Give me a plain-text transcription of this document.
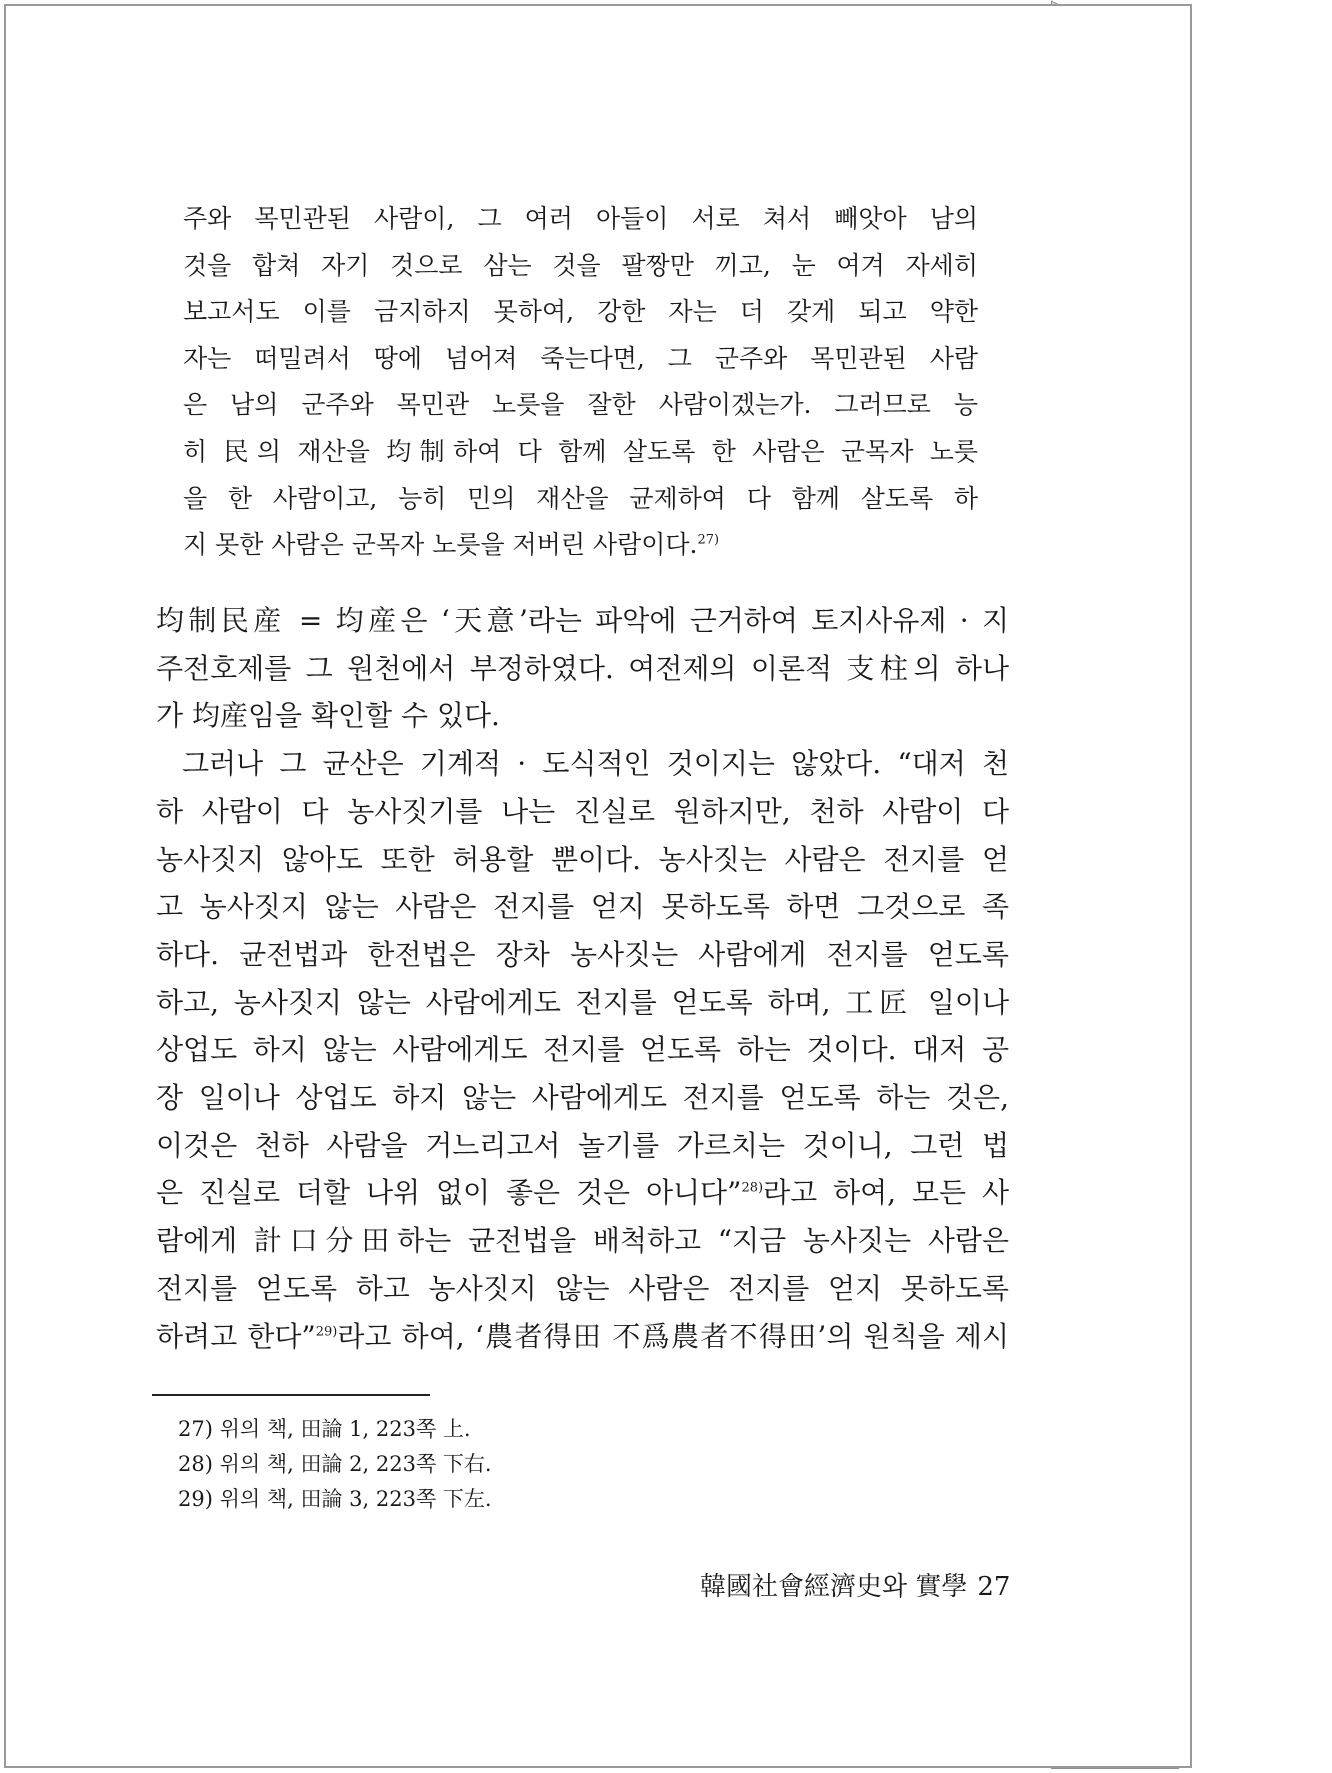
주와 목민관된 사람이, 그 여러 아들이 서로 쳐서 빼앗아 남의
것을 합쳐 자기 것으로 삼는 것을 팔짱만 끼고, 눈 여겨 자세히
보고서도 이를 금지하지 못하여, 강한 자는 더 갖게 되고 약한
자는 떠밀려서 땅에 넘어져 죽는다면, 그 군주와 목민관된 사람
은 남의 군주와 목민관 노릇을 잘한 사람이겠는가. 그러므로 능
히 民의 재산을 均制하여 다 함께 살도록 한 사람은 군목자 노릇
을 한 사람이고, 능히 민의 재산을 균제하여 다 함께 살도록 하
지 못한 사람은 군목자 노릇을 저버린 사람이다.$^{27)}$

均制民産 = 均産은 ‘天意’라는 파악에 근거하여 토지사유제 · 지
주전호제를 그 원천에서 부정하였다. 여전제의 이론적 支柱의 하나
가 均産임을 확인할 수 있다.

그러나 그 균산은 기계적 · 도식적인 것이지는 않았다. “대저 천
하 사람이 다 농사짓기를 나는 진실로 원하지만, 천하 사람이 다
농사짓지 않아도 또한 허용할 뿐이다. 농사짓는 사람은 전지를 얻
고 농사짓지 않는 사람은 전지를 얻지 못하도록 하면 그것으로 족
하다. 균전법과 한전법은 장차 농사짓는 사람에게 전지를 얻도록
하고, 농사짓지 않는 사람에게도 전지를 얻도록 하며, 工匠 일이나
상업도 하지 않는 사람에게도 전지를 얻도록 하는 것이다. 대저 공
장 일이나 상업도 하지 않는 사람에게도 전지를 얻도록 하는 것은,
이것은 천하 사람을 거느리고서 놀기를 가르치는 것이니, 그런 법
은 진실로 더할 나위 없이 좋은 것은 아니다”$^{28)}$라고 하여, 모든 사
람에게 計口分田하는 균전법을 배척하고 “지금 농사짓는 사람은
전지를 얻도록 하고 농사짓지 않는 사람은 전지를 얻지 못하도록
하려고 한다”$^{29)}$라고 하여, ‘農者得田 不爲農者不得田’의 원칙을 제시

27) 위의 책, 田論 1, 223쪽 上.
28) 위의 책, 田論 2, 223쪽 下右.
29) 위의 책, 田論 3, 223쪽 下左.
韓國社會經濟史와 實學 27
